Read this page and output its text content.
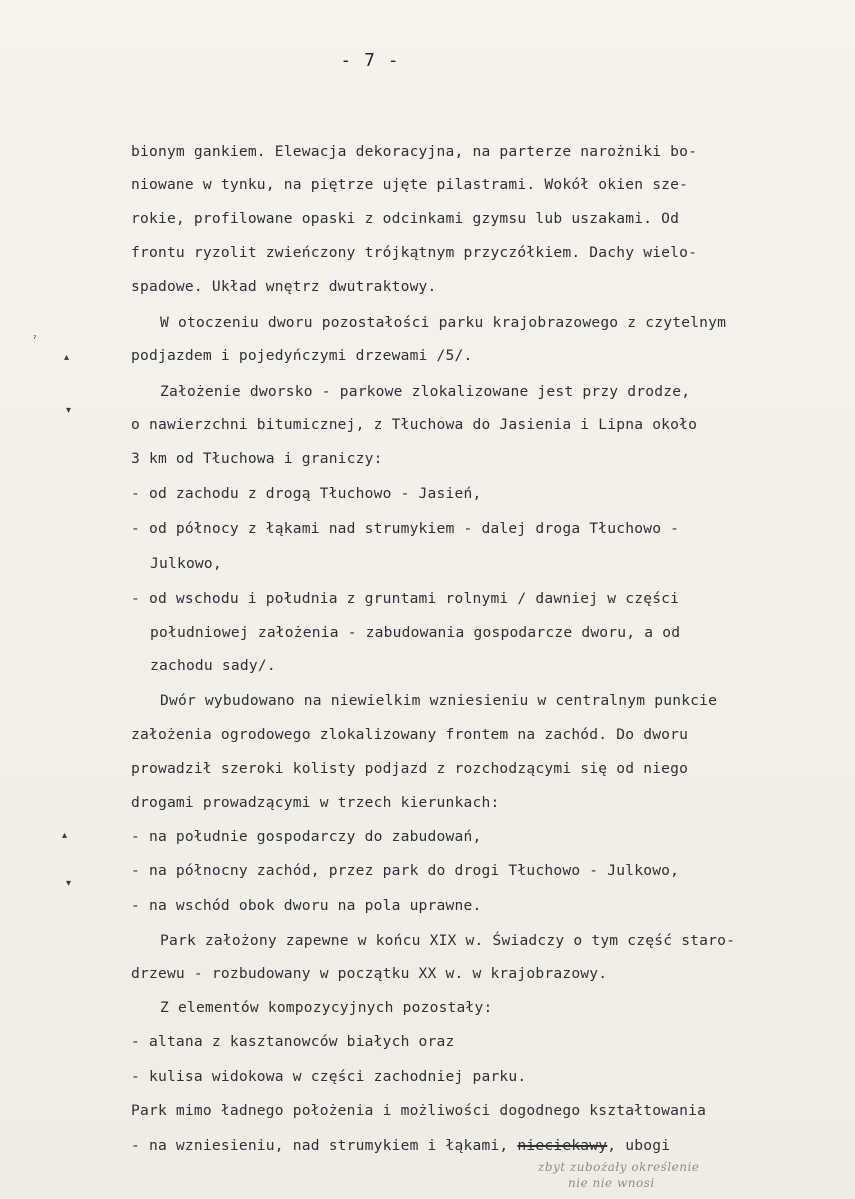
- 7 -
ˀ
▴
▾
▴
▾
bionym gankiem. Elewacja dekoracyjna, na parterze narożniki bo-
niowane w tynku, na piętrze ujęte pilastrami. Wokół okien sze-
rokie, profilowane opaski z odcinkami gzymsu lub uszakami. Od
frontu ryzolit zwieńczony trójkątnym przyczółkiem. Dachy wielo-
spadowe. Układ wnętrz dwutraktowy.
W otoczeniu dworu pozostałości parku krajobrazowego z czytelnym
podjazdem i pojedyńczymi drzewami /5/.
Założenie dworsko - parkowe zlokalizowane jest przy drodze,
o nawierzchni bitumicznej, z Tłuchowa do Jasienia i Lipna około
3 km od Tłuchowa i graniczy:
- od zachodu z drogą Tłuchowo - Jasień,
- od północy z łąkami nad strumykiem - dalej droga Tłuchowo -
Julkowo,
- od wschodu i południa z gruntami rolnymi / dawniej w części
południowej założenia - zabudowania gospodarcze dworu, a od
zachodu sady/.
Dwór wybudowano na niewielkim wzniesieniu w centralnym punkcie
założenia ogrodowego zlokalizowany frontem na zachód. Do dworu
prowadził szeroki kolisty podjazd z rozchodzącymi się od niego
drogami prowadzącymi w trzech kierunkach:
- na południe gospodarczy do zabudowań,
- na północny zachód, przez park do drogi Tłuchowo - Julkowo,
- na wschód obok dworu na pola uprawne.
Park założony zapewne w końcu XIX w. Świadczy o tym część staro-
drzewu - rozbudowany w początku XX w. w krajobrazowy.
Z elementów kompozycyjnych pozostały:
- altana z kasztanowców białych oraz
- kulisa widokowa w części zachodniej parku.
Park mimo ładnego położenia i możliwości dogodnego kształtowania
- na wzniesieniu, nad strumykiem i łąkami, nieciekawy, ubogi
zbyt zubożały określenie
nie nie wnosi
